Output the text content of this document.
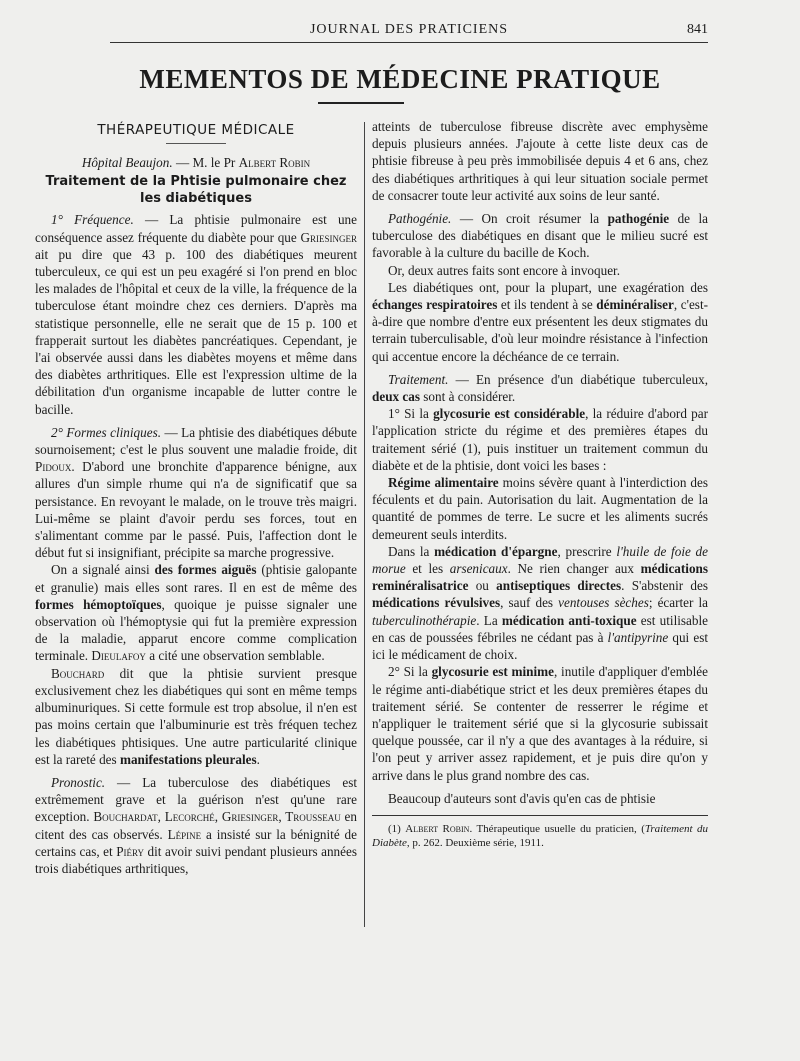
JOURNAL DES PRATICIENS	841
MEMENTOS DE MÉDECINE PRATIQUE
THÉRAPEUTIQUE MÉDICALE
Hôpital Beaujon. — M. le Pr Albert Robin
Traitement de la Phtisie pulmonaire chez les diabétiques

1° Fréquence. — La phtisie pulmonaire est une conséquence assez fréquente du diabète pour que Griesinger ait pu dire que 43 p. 100 des diabétiques meurent tuberculeux, ce qui est un peu exagéré si l'on prend en bloc les malades de l'hôpital et ceux de la ville, la fréquence de la tuberculose étant moindre chez ces derniers. D'après ma statistique personnelle, elle ne serait que de 15 p. 100 et frapperait surtout les diabètes pancréatiques. Cependant, je l'ai observée aussi dans les diabètes moyens et même dans des diabètes arthritiques. Elle est l'expression ultime de la débilitation d'un organisme incapable de lutter contre le bacille.

2° Formes cliniques. — La phtisie des diabétiques débute sournoisement; c'est le plus souvent une maladie froide, dit Pidoux. D'abord une bronchite d'apparence bénigne, aux allures d'un simple rhume qui n'a de significatif que sa persistance. En revoyant le malade, on le trouve très maigri. Lui-même se plaint d'avoir perdu ses forces, tout en s'alimentant comme par le passé. Puis, l'affection dont le début fut si insignifiant, précipite sa marche progressive.

On a signalé ainsi des formes aiguës (phtisie galopante et granulie) mais elles sont rares. Il en est de même des formes hémoptoïques, quoique je puisse signaler une observation où l'hémoptysie qui fut la première expression de la maladie, apparut encore comme complication terminale. Dieulafoy a cité une observation semblable.

Bouchard dit que la phtisie survient presque exclusivement chez les diabétiques qui sont en même temps albuminuriques. Si cette formule est trop absolue, il n'en est pas moins certain que l'albuminurie est très fréquen techez les diabétiques phtisiques. Une autre particularité clinique est la rareté des manifestations pleurales.

Pronostic. — La tuberculose des diabétiques est extrêmement grave et la guérison n'est qu'une rare exception. Bouchardat, Lecorché, Griesinger, Trousseau en citent des cas observés. Lépine a insisté sur la bénignité de certains cas, et Piéry dit avoir suivi pendant plusieurs années trois diabétiques arthritiques,

atteints de tuberculose fibreuse discrète avec emphysème depuis plusieurs années. J'ajoute à cette liste deux cas de phtisie fibreuse à peu près immobilisée depuis 4 et 6 ans, chez des diabétiques arthritiques à qui leur situation sociale permet de consacrer toute leur activité aux soins de leur santé.

Pathogénie. — On croit résumer la pathogénie de la tuberculose des diabétiques en disant que le milieu sucré est favorable à la culture du bacille de Koch.

Or, deux autres faits sont encore à invoquer.

Les diabétiques ont, pour la plupart, une exagération des échanges respiratoires et ils tendent à se déminéraliser, c'est-à-dire que nombre d'entre eux présentent les deux stigmates du terrain tuberculisable, d'où leur moindre résistance à l'infection qui accentue encore la déchéance de ce terrain.

Traitement. — En présence d'un diabétique tuberculeux, deux cas sont à considérer.

1° Si la glycosurie est considérable, la réduire d'abord par l'application stricte du régime et des premières étapes du traitement sérié (1), puis instituer un traitement commun du diabète et de la phtisie, dont voici les bases :

Régime alimentaire moins sévère quant à l'interdiction des féculents et du pain. Autorisation du lait. Augmentation de la quantité de pommes de terre. Le sucre et les aliments sucrés demeurent seuls interdits.

Dans la médication d'épargne, prescrire l'huile de foie de morue et les arsenicaux. Ne rien changer aux médications reminéralisatrice ou antiseptiques directes. S'abstenir des médications révulsives, sauf des ventouses sèches; écarter la tuberculinothérapie. La médication anti-toxique est utilisable en cas de poussées fébriles ne cédant pas à l'antipyrine qui est ici le médicament de choix.

2° Si la glycosurie est minime, inutile d'appliquer d'emblée le régime anti-diabétique strict et les deux premières étapes du traitement sérié. Se contenter de resserrer le régime et n'appliquer le traitement sérié que si la glycosurie subissait quelque poussée, car il n'y a que des avantages à la réduire, si l'on peut y arriver assez rapidement, et je puis dire qu'on y arrive dans le plus grand nombre des cas.

Beaucoup d'auteurs sont d'avis qu'en cas de phtisie

(1) Albert Robin. Thérapeutique usuelle du praticien, (Traitement du Diabète, p. 262. Deuxième série, 1911.
